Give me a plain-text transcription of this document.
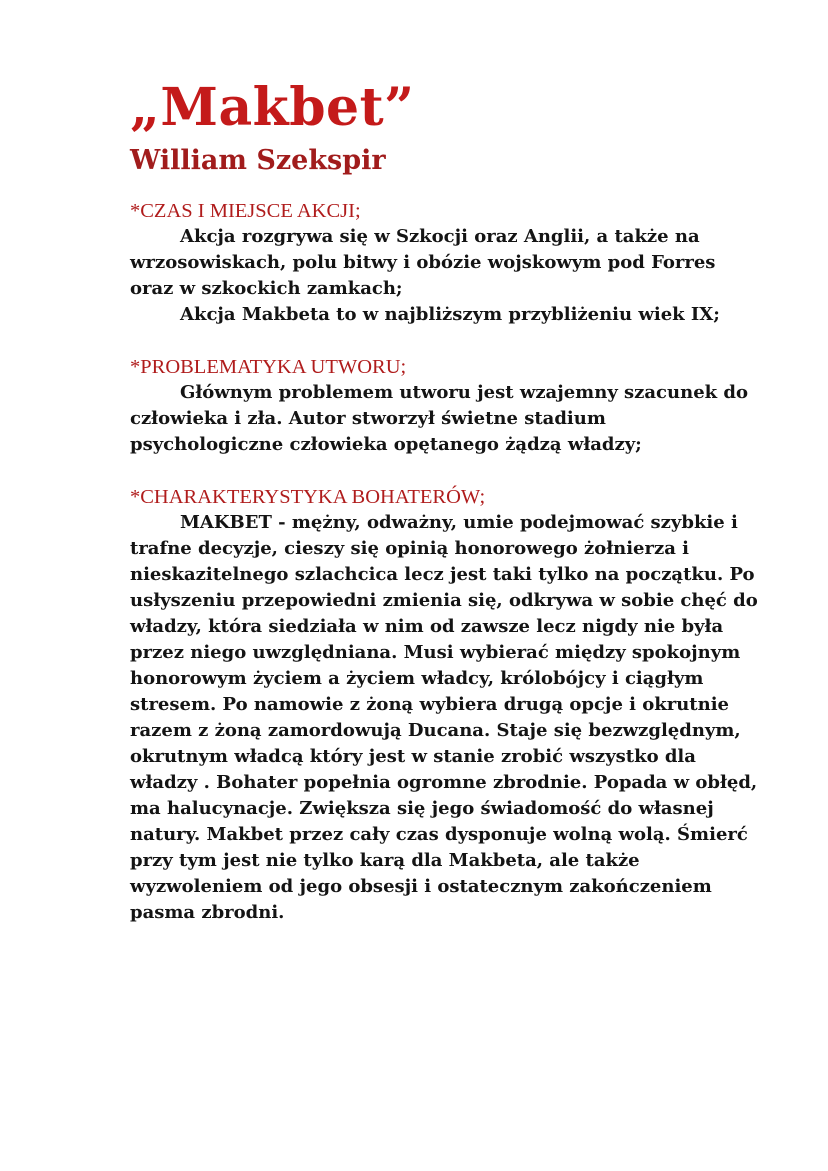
„Makbet”
William Szekspir

*CZAS I MIEJSCE AKCJI;

Akcja rozgrywa się w Szkocji oraz Anglii, a także na wrzosowiskach, polu bitwy i obózie wojskowym pod Forres oraz w szkockich zamkach;

Akcja Makbeta to w najbliższym przybliżeniu wiek IX;

*PROBLEMATYKA UTWORU;

Głównym problemem utworu jest wzajemny szacunek do człowieka i zła. Autor stworzył świetne stadium psychologiczne człowieka opętanego żądzą władzy;

*CHARAKTERYSTYKA BOHATERÓW;

MAKBET - mężny, odważny, umie podejmować szybkie i trafne decyzje, cieszy się opinią honorowego żołnierza i nieskazitelnego szlachcica lecz jest taki tylko na początku. Po usłyszeniu przepowiedni zmienia się, odkrywa w sobie chęć do władzy, która siedziała w nim od zawsze lecz nigdy nie była przez niego uwzględniana. Musi wybierać między spokojnym honorowym życiem a życiem władcy, królobójcy i ciągłym stresem. Po namowie z żoną wybiera drugą opcje i okrutnie razem z żoną zamordowują Ducana. Staje się bezwzględnym, okrutnym władcą który jest w stanie zrobić wszystko dla władzy . Bohater popełnia ogromne zbrodnie. Popada w obłęd, ma halucynacje. Zwiększa się jego świadomość do własnej natury. Makbet przez cały czas dysponuje wolną wolą. Śmierć przy tym jest nie tylko karą dla Makbeta, ale także wyzwoleniem od jego obsesji i ostatecznym zakończeniem pasma zbrodni.
